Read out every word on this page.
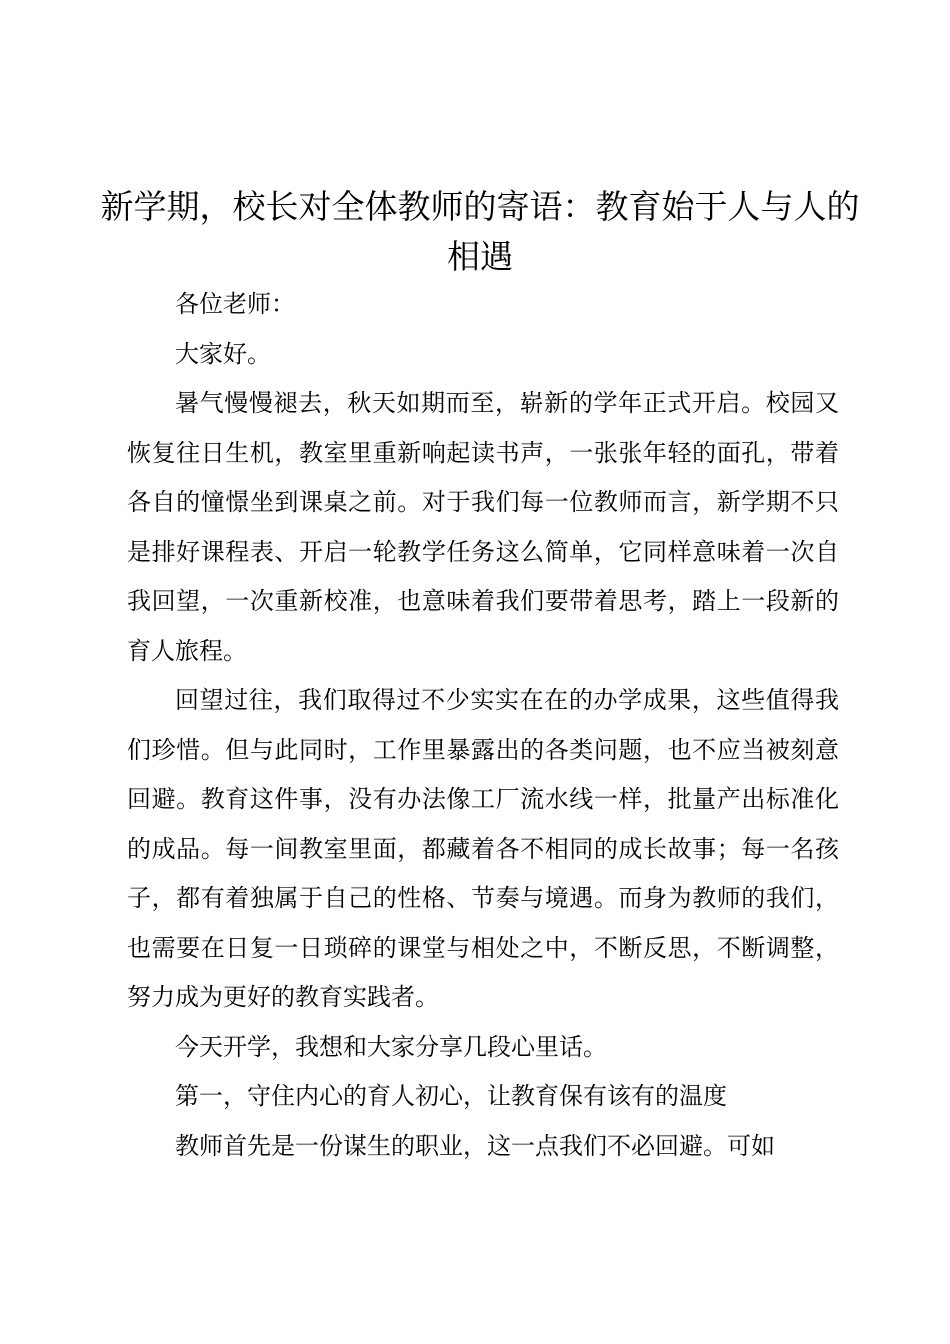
新学期，校长对全体教师的寄语：教育始于人与人的相遇

各位老师：

大家好。

暑气慢慢褪去，秋天如期而至，崭新的学年正式开启。校园又恢复往日生机，教室里重新响起读书声，一张张年轻的面孔，带着各自的憧憬坐到课桌之前。对于我们每一位教师而言，新学期不只是排好课程表、开启一轮教学任务这么简单，它同样意味着一次自我回望，一次重新校准，也意味着我们要带着思考，踏上一段新的育人旅程。

回望过往，我们取得过不少实实在在的办学成果，这些值得我们珍惜。但与此同时，工作里暴露出的各类问题，也不应当被刻意回避。教育这件事，没有办法像工厂流水线一样，批量产出标准化的成品。每一间教室里面，都藏着各不相同的成长故事；每一名孩子，都有着独属于自己的性格、节奏与境遇。而身为教师的我们，也需要在日复一日琐碎的课堂与相处之中，不断反思，不断调整，努力成为更好的教育实践者。

今天开学，我想和大家分享几段心里话。

第一，守住内心的育人初心，让教育保有该有的温度

教师首先是一份谋生的职业，这一点我们不必回避。可如
